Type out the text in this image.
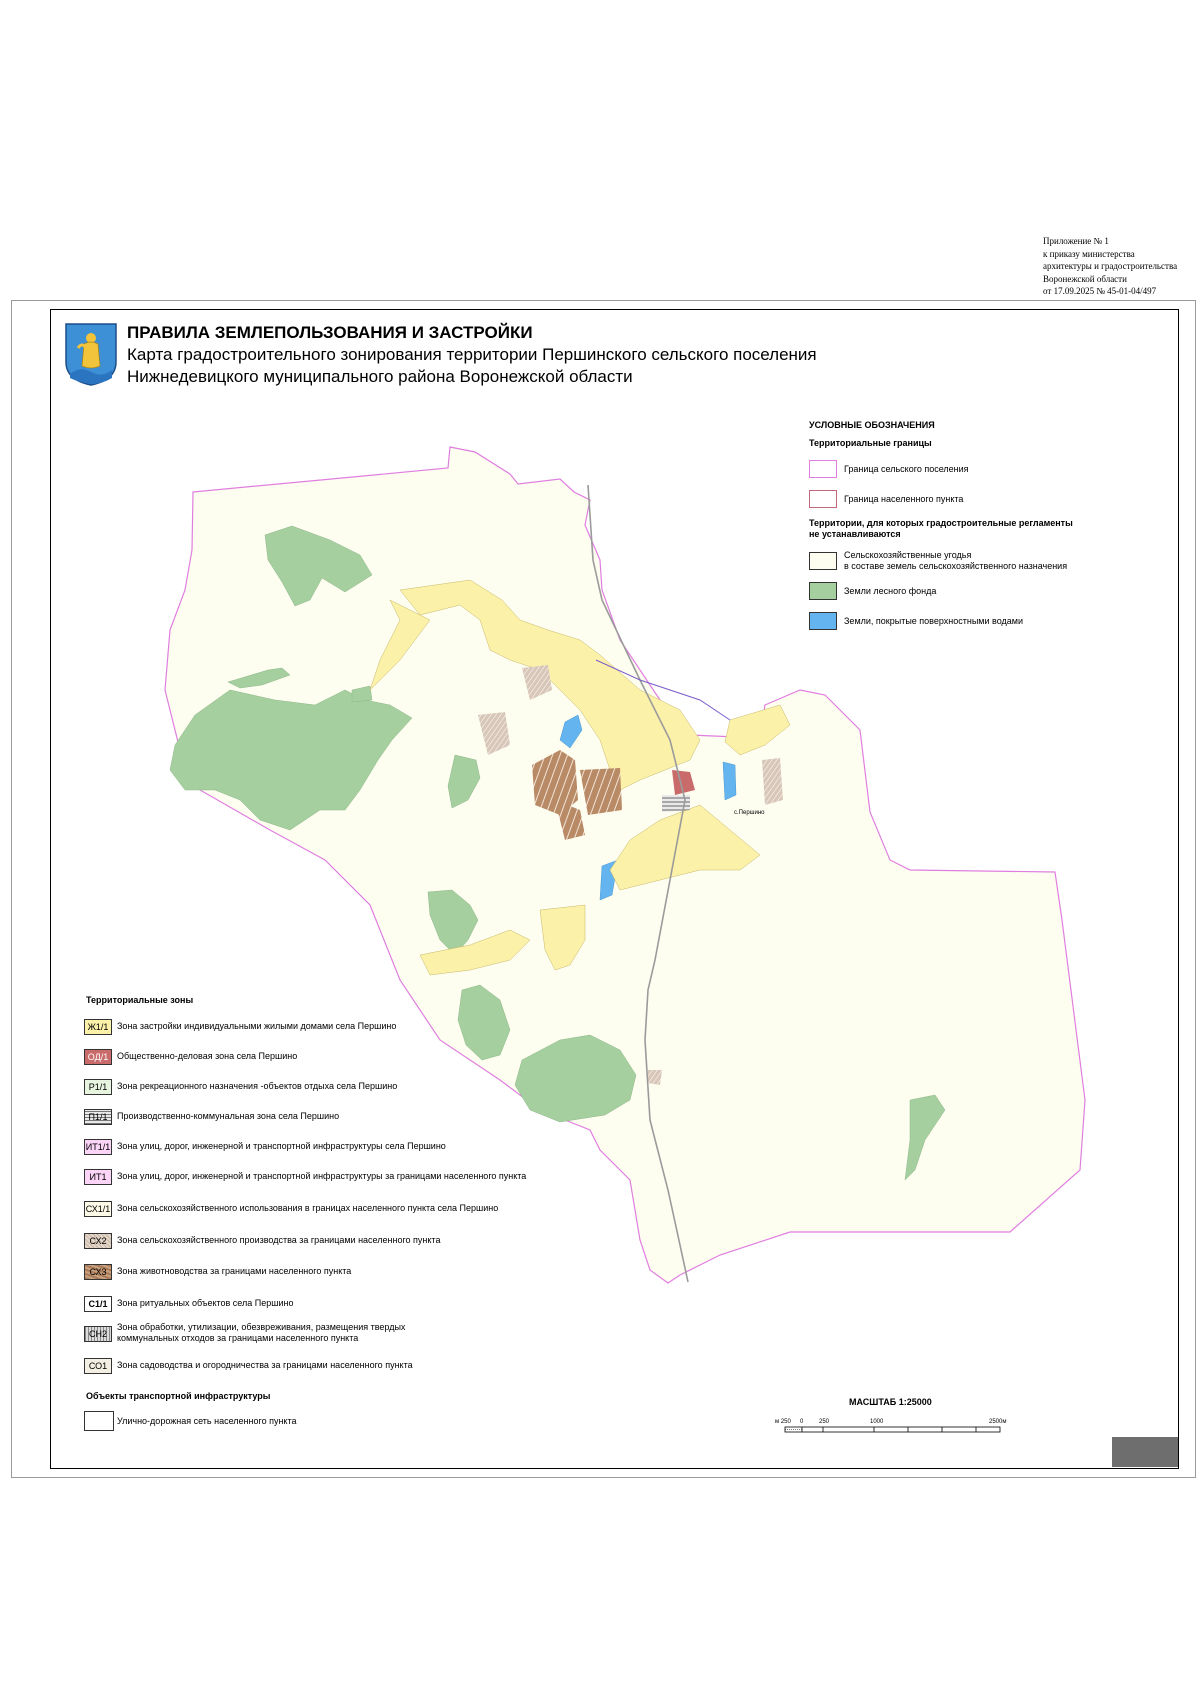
Приложение № 1
к приказу министерства
архитектуры и градостроительства
Воронежской области
от 17.09.2025 № 45-01-04/497
ПРАВИЛА ЗЕМЛЕПОЛЬЗОВАНИЯ И ЗАСТРОЙКИ
Карта градостроительного зонирования территории Першинского сельского поселения
Нижнедевицкого муниципального района Воронежской области
с.Першино
УСЛОВНЫЕ ОБОЗНАЧЕНИЯ
Территориальные границы
Граница сельского поселения
Граница населенного пункта
Территории, для которых градостроительные регламенты
не устанавливаются
Сельскохозяйственные угодья
в составе земель сельскохозяйственного назначения
Земли лесного фонда
Земли, покрытые поверхностными водами
Территориальные зоны
Ж1/1 Зона застройки индивидуальными жилыми домами села Першино
ОД/1 Общественно-деловая зона села Першино
Р1/1	Зона рекреационного назначения -объектов отдыха села Першино
П1/1	Производственно-коммунальная зона села Першино
ИТ1/1 Зона улиц, дорог, инженерной и транспортной инфраструктуры села Першино
ИТ1	Зона улиц, дорог, инженерной и транспортной инфраструктуры за границами населенного пункта
СХ1/1 Зона сельскохозяйственного использования в границах населенного пункта села Першино
СХ2	Зона сельскохозяйственного производства за границами населенного пункта
СХ3	Зона животноводства за границами населенного пункта
С1/1	Зона ритуальных объектов села Першино
СН2
Зона обработки, утилизации, обезвреживания, размещения твердых
коммунальных отходов за границами населенного пункта
СО1	Зона садоводства и огородничества за границами населенного пункта
Объекты транспортной инфраструктуры
Улично-дорожная сеть населенного пункта
МАСШТАБ 1:25000
м 250 0	250	1000	2500м
